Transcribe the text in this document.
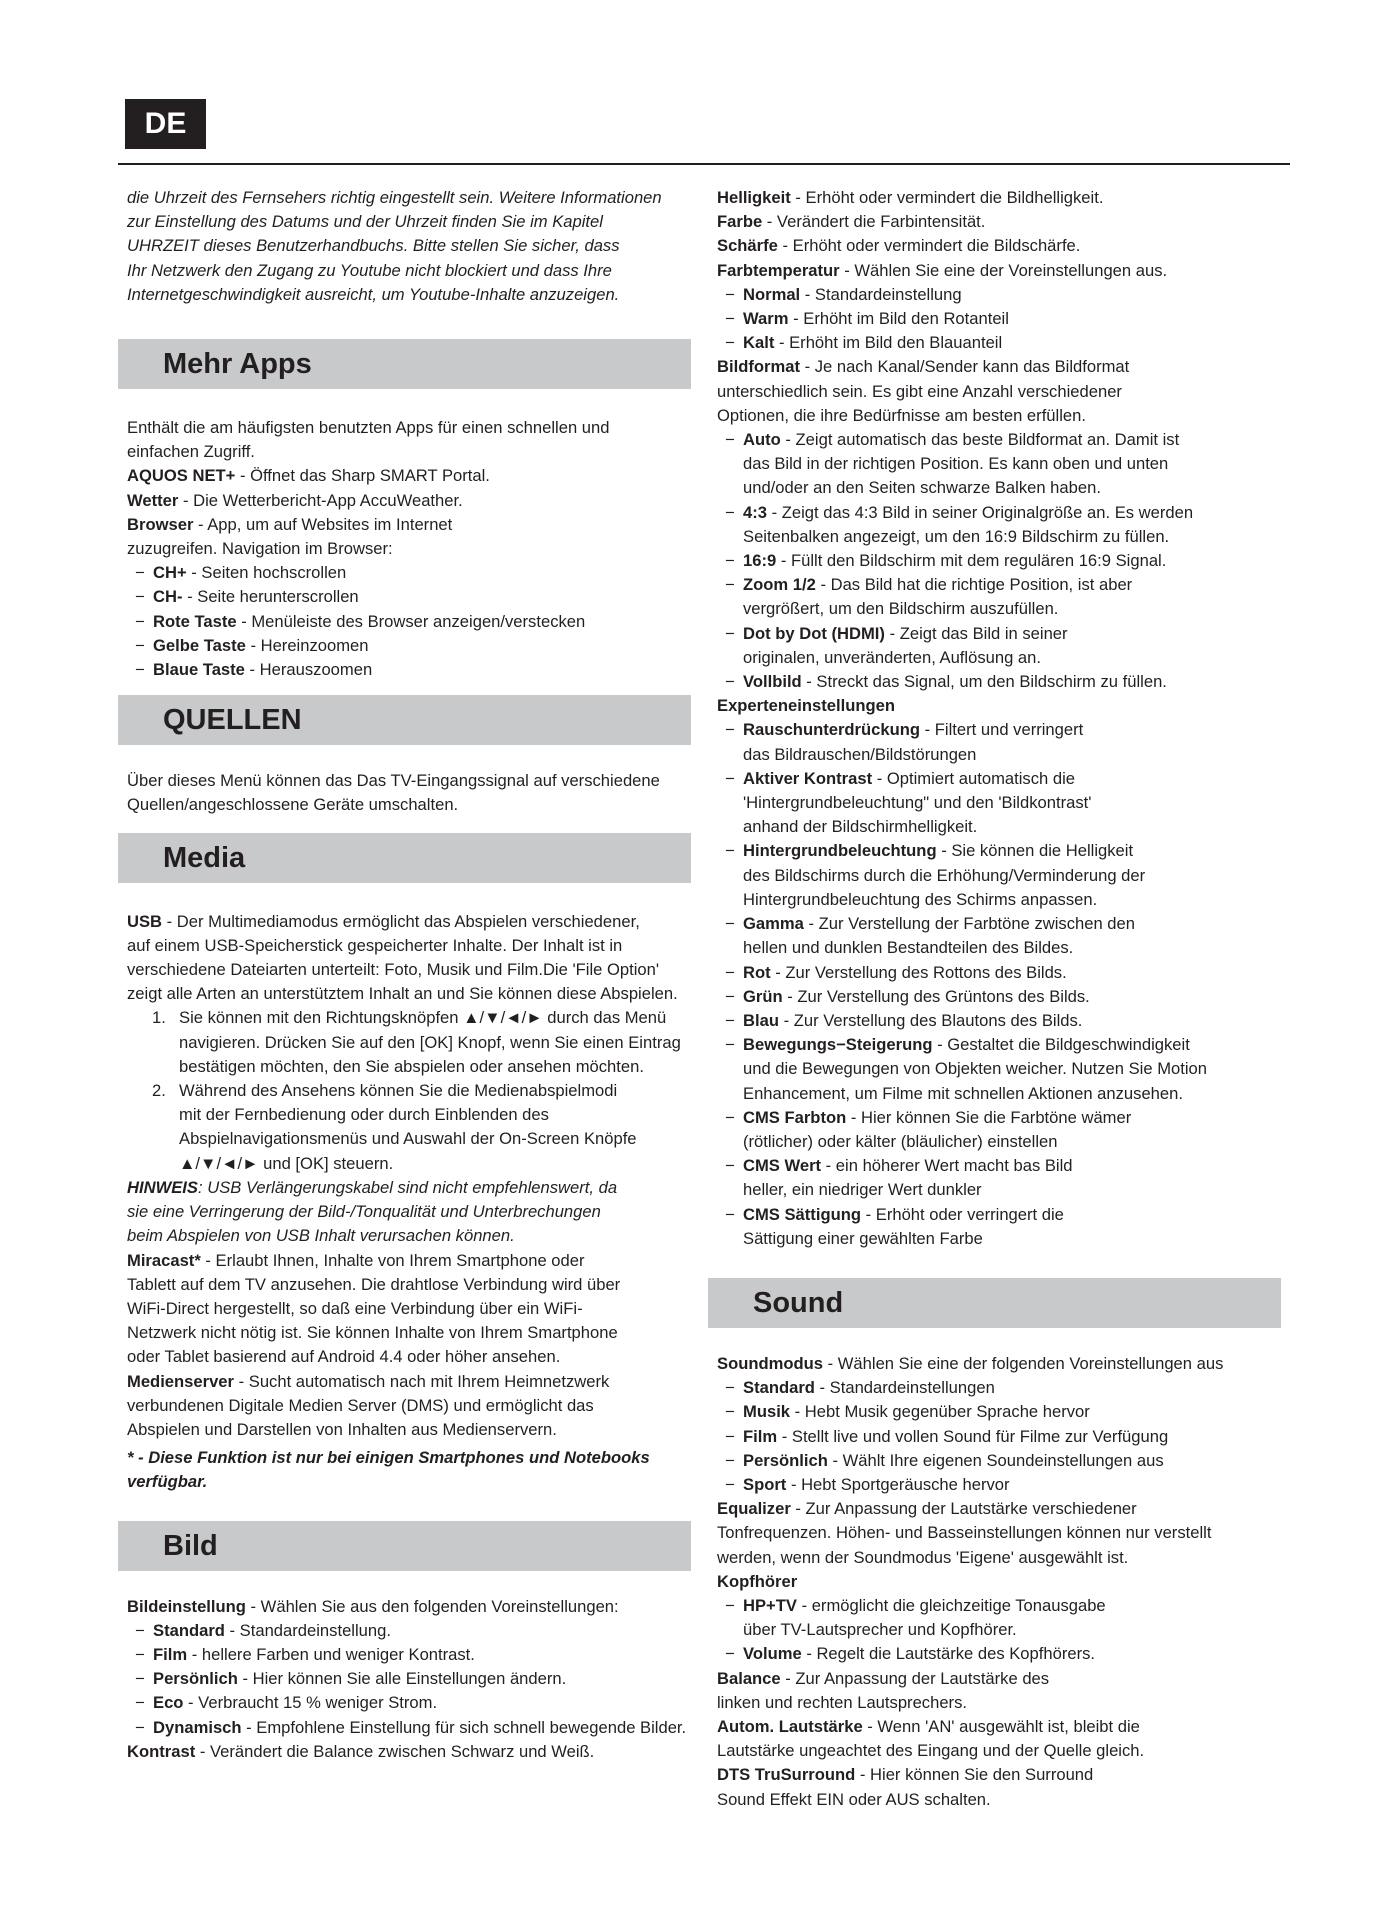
DE

die Uhrzeit des Fernsehers richtig eingestellt sein. Weitere Informationen

zur Einstellung des Datums und der Uhrzeit finden Sie im Kapitel

UHRZEIT dieses Benutzerhandbuchs. Bitte stellen Sie sicher, dass

Ihr Netzwerk den Zugang zu Youtube nicht blockiert und dass Ihre

Internetgeschwindigkeit ausreicht, um Youtube-Inhalte anzuzeigen.

Mehr Apps

Enthält die am häufigsten benutzten Apps für einen schnellen und

einfachen Zugriff.

AQUOS NET+ - Öffnet das Sharp SMART Portal.

Wetter - Die Wetterbericht-App AccuWeather.

Browser - App, um auf Websites im Internet

zuzugreifen. Navigation im Browser:

− CH+ - Seiten hochscrollen

− CH- - Seite herunterscrollen

− Rote Taste - Menüleiste des Browser anzeigen/verstecken

− Gelbe Taste - Hereinzoomen

− Blaue Taste - Herauszoomen

QUELLEN

Über dieses Menü können das Das TV-Eingangssignal auf verschiedene

Quellen/angeschlossene Geräte umschalten.

Media

USB - Der Multimediamodus ermöglicht das Abspielen verschiedener,

auf einem USB-Speicherstick gespeicherter Inhalte. Der Inhalt ist in

verschiedene Dateiarten unterteilt: Foto, Musik und Film.Die 'File Option'

zeigt alle Arten an unterstütztem Inhalt an und Sie können diese Abspielen.

1. Sie können mit den Richtungsknöpfen ▲/▼/◄/► durch das Menü

navigieren. Drücken Sie auf den [OK] Knopf, wenn Sie einen Eintrag

bestätigen möchten, den Sie abspielen oder ansehen möchten.

2. Während des Ansehens können Sie die Medienabspielmodi

mit der Fernbedienung oder durch Einblenden des

Abspielnavigationsmenüs und Auswahl der On-Screen Knöpfe

▲/▼/◄/► und [OK] steuern.

HINWEIS: USB Verlängerungskabel sind nicht empfehlenswert, da

sie eine Verringerung der Bild-/Tonqualität und Unterbrechungen

beim Abspielen von USB Inhalt verursachen können.

Miracast* - Erlaubt Ihnen, Inhalte von Ihrem Smartphone oder

Tablett auf dem TV anzusehen. Die drahtlose Verbindung wird über

WiFi-Direct hergestellt, so daß eine Verbindung über ein WiFi-

Netzwerk nicht nötig ist. Sie können Inhalte von Ihrem Smartphone

oder Tablet basierend auf Android 4.4 oder höher ansehen.

Medienserver - Sucht automatisch nach mit Ihrem Heimnetzwerk

verbundenen Digitale Medien Server (DMS) und ermöglicht das

Abspielen und Darstellen von Inhalten aus Medienservern.

* - Diese Funktion ist nur bei einigen Smartphones und Notebooks

verfügbar.

Bild

Bildeinstellung - Wählen Sie aus den folgenden Voreinstellungen:

− Standard - Standardeinstellung.

− Film - hellere Farben und weniger Kontrast.

− Persönlich - Hier können Sie alle Einstellungen ändern.

− Eco - Verbraucht 15 % weniger Strom.

− Dynamisch - Empfohlene Einstellung für sich schnell bewegende Bilder.

Kontrast - Verändert die Balance zwischen Schwarz und Weiß.

Helligkeit - Erhöht oder vermindert die Bildhelligkeit.

Farbe - Verändert die Farbintensität.

Schärfe - Erhöht oder vermindert die Bildschärfe.

Farbtemperatur - Wählen Sie eine der Voreinstellungen aus.

− Normal - Standardeinstellung

− Warm - Erhöht im Bild den Rotanteil

− Kalt - Erhöht im Bild den Blauanteil

Bildformat - Je nach Kanal/Sender kann das Bildformat

unterschiedlich sein. Es gibt eine Anzahl verschiedener

Optionen, die ihre Bedürfnisse am besten erfüllen.

− Auto - Zeigt automatisch das beste Bildformat an. Damit ist

das Bild in der richtigen Position. Es kann oben und unten

und/oder an den Seiten schwarze Balken haben.

− 4:3 - Zeigt das 4:3 Bild in seiner Originalgröße an. Es werden

Seitenbalken angezeigt, um den 16:9 Bildschirm zu füllen.

− 16:9 - Füllt den Bildschirm mit dem regulären 16:9 Signal.

− Zoom 1/2 - Das Bild hat die richtige Position, ist aber

vergrößert, um den Bildschirm auszufüllen.

− Dot by Dot (HDMI) - Zeigt das Bild in seiner

originalen, unveränderten, Auflösung an.

− Vollbild - Streckt das Signal, um den Bildschirm zu füllen.

Experteneinstellungen

− Rauschunterdrückung - Filtert und verringert

das Bildrauschen/Bildstörungen

− Aktiver Kontrast - Optimiert automatisch die

'Hintergrundbeleuchtung" und den 'Bildkontrast'

anhand der Bildschirmhelligkeit.

− Hintergrundbeleuchtung - Sie können die Helligkeit

des Bildschirms durch die Erhöhung/Verminderung der

Hintergrundbeleuchtung des Schirms anpassen.

− Gamma - Zur Verstellung der Farbtöne zwischen den

hellen und dunklen Bestandteilen des Bildes.

− Rot - Zur Verstellung des Rottons des Bilds.

− Grün - Zur Verstellung des Grüntons des Bilds.

− Blau - Zur Verstellung des Blautons des Bilds.

− Bewegungs−Steigerung - Gestaltet die Bildgeschwindigkeit

und die Bewegungen von Objekten weicher. Nutzen Sie Motion

Enhancement, um Filme mit schnellen Aktionen anzusehen.

− CMS Farbton - Hier können Sie die Farbtöne wämer

(rötlicher) oder kälter (bläulicher) einstellen

− CMS Wert - ein höherer Wert macht bas Bild

heller, ein niedriger Wert dunkler

− CMS Sättigung - Erhöht oder verringert die

Sättigung einer gewählten Farbe

Sound

Soundmodus - Wählen Sie eine der folgenden Voreinstellungen aus

− Standard - Standardeinstellungen

− Musik - Hebt Musik gegenüber Sprache hervor

− Film - Stellt live und vollen Sound für Filme zur Verfügung

− Persönlich - Wählt Ihre eigenen Soundeinstellungen aus

− Sport - Hebt Sportgeräusche hervor

Equalizer - Zur Anpassung der Lautstärke verschiedener

Tonfrequenzen. Höhen- und Basseinstellungen können nur verstellt

werden, wenn der Soundmodus 'Eigene' ausgewählt ist.

Kopfhörer

− HP+TV - ermöglicht die gleichzeitige Tonausgabe

über TV-Lautsprecher und Kopfhörer.

− Volume - Regelt die Lautstärke des Kopfhörers.

Balance - Zur Anpassung der Lautstärke des

linken und rechten Lautsprechers.

Autom. Lautstärke - Wenn 'AN' ausgewählt ist, bleibt die

Lautstärke ungeachtet des Eingang und der Quelle gleich.

DTS TruSurround - Hier können Sie den Surround

Sound Effekt EIN oder AUS schalten.
